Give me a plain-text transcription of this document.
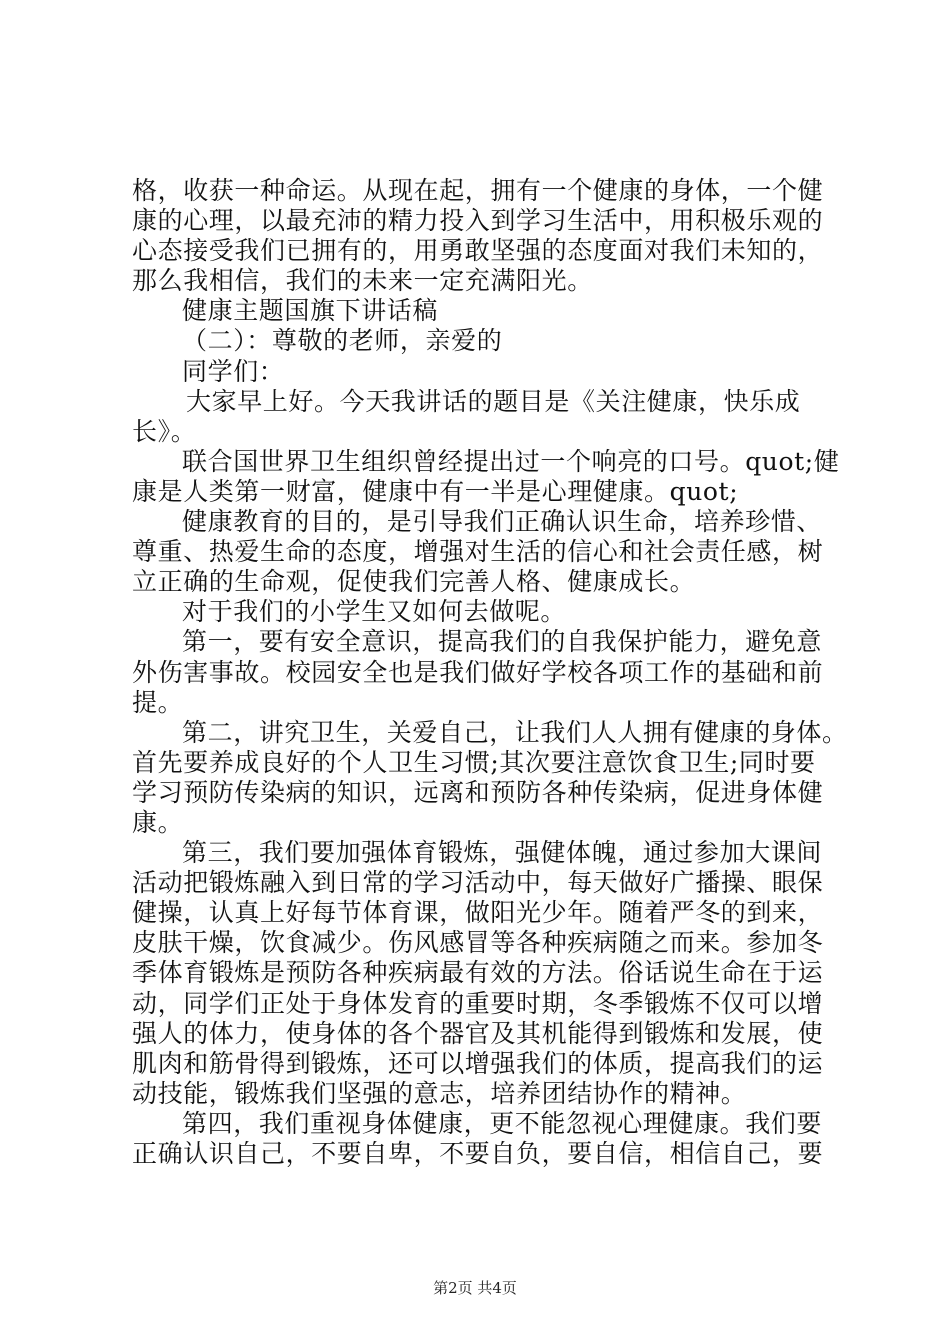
格，收获一种命运。从现在起，拥有一个健康的身体，一个健
康的心理，以最充沛的精力投入到学习生活中，用积极乐观的
心态接受我们已拥有的，用勇敢坚强的态度面对我们未知的，
那么我相信，我们的未来一定充满阳光。
健康主题国旗下讲话稿
（二）：尊敬的老师，亲爱的
同学们：
大家早上好。今天我讲话的题目是《关注健康，快乐成
长》。
联合国世界卫生组织曾经提出过一个响亮的口号。quot;健
康是人类第一财富，健康中有一半是心理健康。quot;
健康教育的目的，是引导我们正确认识生命，培养珍惜、
尊重、热爱生命的态度，增强对生活的信心和社会责任感，树
立正确的生命观，促使我们完善人格、健康成长。
对于我们的小学生又如何去做呢。
第一，要有安全意识，提高我们的自我保护能力，避免意
外伤害事故。校园安全也是我们做好学校各项工作的基础和前
提。
第二，讲究卫生，关爱自己，让我们人人拥有健康的身体。
首先要养成良好的个人卫生习惯;其次要注意饮食卫生;同时要
学习预防传染病的知识，远离和预防各种传染病，促进身体健
康。
第三，我们要加强体育锻炼，强健体魄，通过参加大课间
活动把锻炼融入到日常的学习活动中，每天做好广播操、眼保
健操，认真上好每节体育课，做阳光少年。随着严冬的到来，
皮肤干燥，饮食减少。伤风感冒等各种疾病随之而来。参加冬
季体育锻炼是预防各种疾病最有效的方法。俗话说生命在于运
动，同学们正处于身体发育的重要时期，冬季锻炼不仅可以增
强人的体力，使身体的各个器官及其机能得到锻炼和发展，使
肌肉和筋骨得到锻炼，还可以增强我们的体质，提高我们的运
动技能，锻炼我们坚强的意志，培养团结协作的精神。
第四，我们重视身体健康，更不能忽视心理健康。我们要
正确认识自己，不要自卑，不要自负，要自信，相信自己，要
第2页 共4页
